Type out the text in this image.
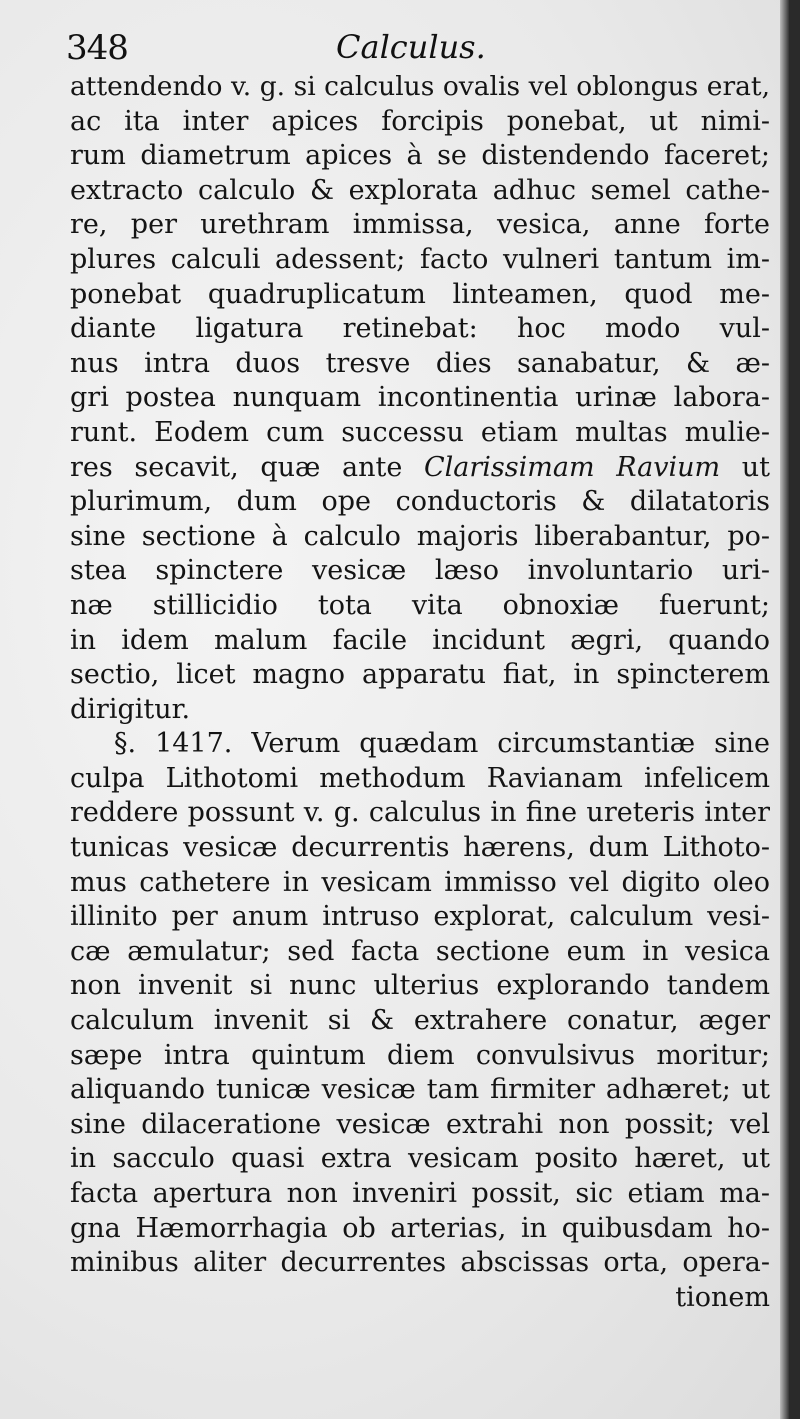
348	Calculus.
attendendo v. g. si calculus ovalis vel oblongus erat,
ac ita inter apices forcipis ponebat, ut nimi-
rum diametrum apices à se distendendo faceret;
extracto calculo & explorata adhuc semel cathe-
re, per urethram immissa, vesica, anne forte
plures calculi adessent; facto vulneri tantum im-
ponebat quadruplicatum linteamen, quod me-
diante ligatura retinebat: hoc modo vul-
nus intra duos tresve dies sanabatur, & æ-
gri postea nunquam incontinentia urinæ labora-
runt. Eodem cum successu etiam multas mulie-
res secavit, quæ ante Clarissimam Ravium ut
plurimum, dum ope conductoris & dilatatoris
sine sectione à calculo majoris liberabantur, po-
stea spinctere vesicæ læso involuntario uri-
næ stillicidio tota vita obnoxiæ fuerunt;
in idem malum facile incidunt ægri, quando
sectio, licet magno apparatu fiat, in spincterem
dirigitur.
§. 1417. Verum quædam circumstantiæ sine
culpa Lithotomi methodum Ravianam infelicem
reddere possunt v. g. calculus in fine ureteris inter
tunicas vesicæ decurrentis hærens, dum Lithoto-
mus cathetere in vesicam immisso vel digito oleo
illinito per anum intruso explorat, calculum vesi-
cæ æmulatur; sed facta sectione eum in vesica
non invenit si nunc ulterius explorando tandem
calculum invenit si & extrahere conatur, æger
sæpe intra quintum diem convulsivus moritur;
aliquando tunicæ vesicæ tam firmiter adhæret; ut
sine dilaceratione vesicæ extrahi non possit; vel
in sacculo quasi extra vesicam posito hæret, ut
facta apertura non inveniri possit, sic etiam ma-
gna Hæmorrhagia ob arterias, in quibusdam ho-
minibus aliter decurrentes abscissas orta, opera-
tionem
